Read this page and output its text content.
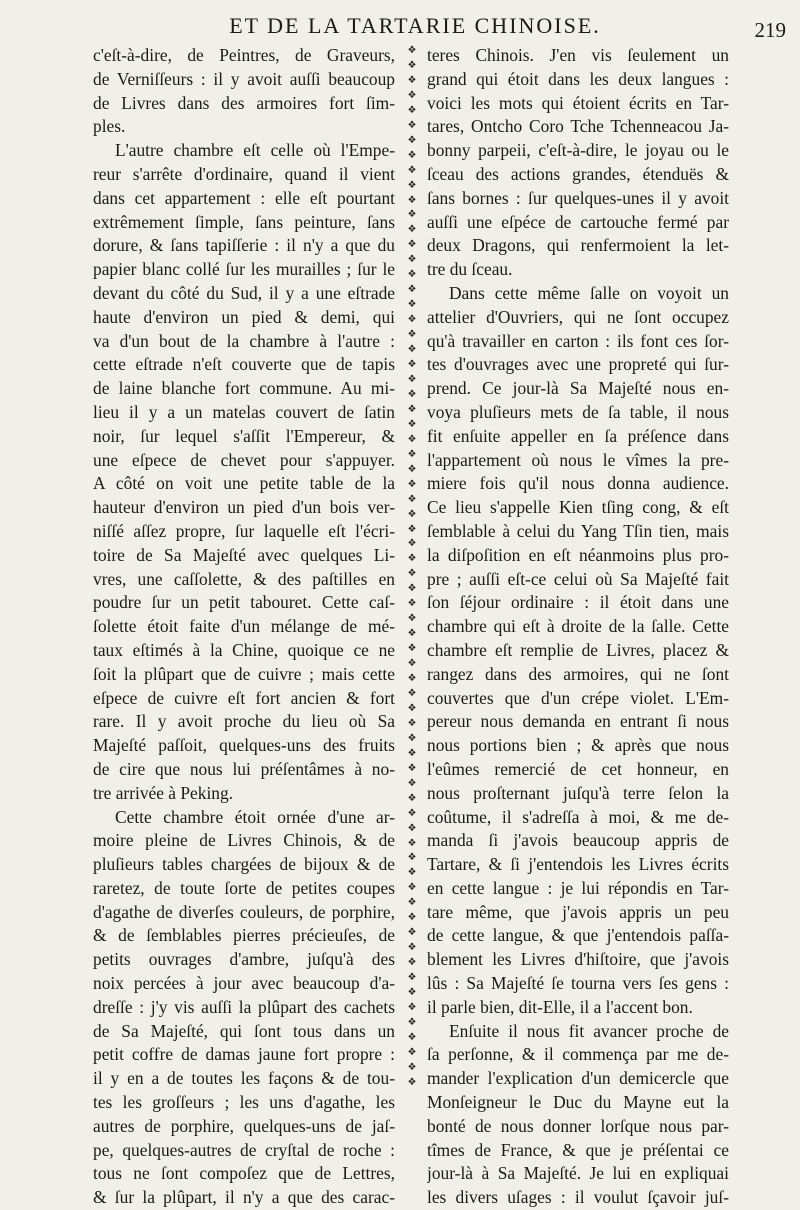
ET DE LA TARTARIE CHINOISE.	219
c'eſt-à-dire, de Peintres, de Graveurs,
de Verniſſeurs : il y avoit auſſi beaucoup
de Livres dans des armoires fort ſim-
ples.
L'autre chambre eſt celle où l'Empe-
reur s'arrête d'ordinaire, quand il vient
dans cet appartement : elle eſt pourtant
extrêmement ſimple, ſans peinture, ſans
dorure, & ſans tapiſſerie : il n'y a que du
papier blanc collé ſur les murailles ; ſur le
devant du côté du Sud, il y a une eſtrade
haute d'environ un pied & demi, qui
va d'un bout de la chambre à l'autre :
cette eſtrade n'eſt couverte que de tapis
de laine blanche fort commune. Au mi-
lieu il y a un matelas couvert de ſatin
noir, ſur lequel s'aſſit l'Empereur, &
une eſpece de chevet pour s'appuyer.
A côté on voit une petite table de la
hauteur d'environ un pied d'un bois ver-
niſſé aſſez propre, ſur laquelle eſt l'écri-
toire de Sa Majeſté avec quelques Li-
vres, une caſſolette, & des paſtilles en
poudre ſur un petit tabouret. Cette caſ-
ſolette étoit faite d'un mélange de mé-
taux eſtimés à la Chine, quoique ce ne
ſoit la plûpart que de cuivre ; mais cette
eſpece de cuivre eſt fort ancien & fort
rare. Il y avoit proche du lieu où Sa
Majeſté paſſoit, quelques-uns des fruits
de cire que nous lui préſentâmes à no-
tre arrivée à Peking.
Cette chambre étoit ornée d'une ar-
moire pleine de Livres Chinois, & de
pluſieurs tables chargées de bijoux & de
raretez, de toute ſorte de petites coupes
d'agathe de diverſes couleurs, de porphire,
& de ſemblables pierres précieuſes, de
petits ouvrages d'ambre, juſqu'à des
noix percées à jour avec beaucoup d'a-
dreſſe : j'y vis auſſi la plûpart des cachets
de Sa Majeſté, qui ſont tous dans un
petit coffre de damas jaune fort propre :
il y en a de toutes les façons & de tou-
tes les groſſeurs ; les uns d'agathe, les
autres de porphire, quelques-uns de jaſ-
pe, quelques-autres de cryſtal de roche :
tous ne ſont compoſez que de Lettres,
& ſur la plûpart, il n'y a que des carac-
❖
❖
❖
❖
❖
❖
❖
❖
❖
❖
❖
❖
❖
❖
❖
❖
❖
❖
❖
❖
❖
❖
❖
❖
❖
❖
❖
❖
❖
❖
❖
❖
❖
❖
❖
❖
❖
❖
❖
❖
❖
❖
❖
❖
❖
❖
❖
❖
❖
❖
❖
❖
❖
❖
❖
❖
❖
❖
❖
❖
❖
❖
❖
❖
❖
❖
❖
❖
❖
❖
teres Chinois. J'en vis ſeulement un
grand qui étoit dans les deux langues :
voici les mots qui étoient écrits en Tar-
tares, Ontcho Coro Tche Tchenneacou Ja-
bonny parpeii, c'eſt-à-dire, le joyau ou le
ſceau des actions grandes, étenduës &
ſans bornes : ſur quelques-unes il y avoit
auſſi une eſpéce de cartouche fermé par
deux Dragons, qui renfermoient la let-
tre du ſceau.
Dans cette même ſalle on voyoit un
attelier d'Ouvriers, qui ne ſont occupez
qu'à travailler en carton : ils font ces ſor-
tes d'ouvrages avec une propreté qui ſur-
prend. Ce jour-là Sa Majeſté nous en-
voya pluſieurs mets de ſa table, il nous
fit enſuite appeller en ſa préſence dans
l'appartement où nous le vîmes la pre-
miere fois qu'il nous donna audience.
Ce lieu s'appelle Kien tſing cong, & eſt
ſemblable à celui du Yang Tſin tien, mais
la diſpoſition en eſt néanmoins plus pro-
pre ; auſſi eſt-ce celui où Sa Majeſté fait
ſon ſéjour ordinaire : il étoit dans une
chambre qui eſt à droite de la ſalle. Cette
chambre eſt remplie de Livres, placez &
rangez dans des armoires, qui ne ſont
couvertes que d'un crépe violet. L'Em-
pereur nous demanda en entrant ſi nous
nous portions bien ; & après que nous
l'eûmes remercié de cet honneur, en
nous proſternant juſqu'à terre ſelon la
coûtume, il s'adreſſa à moi, & me de-
manda ſi j'avois beaucoup appris de
Tartare, & ſi j'entendois les Livres écrits
en cette langue : je lui répondis en Tar-
tare même, que j'avois appris un peu
de cette langue, & que j'entendois paſſa-
blement les Livres d'hiſtoire, que j'avois
lûs : Sa Majeſté ſe tourna vers ſes gens :
il parle bien, dit-Elle, il a l'accent bon.
Enſuite il nous fit avancer proche de
ſa perſonne, & il commença par me de-
mander l'explication d'un demicercle que
Monſeigneur le Duc du Mayne eut la
bonté de nous donner lorſque nous par-
tîmes de France, & que je préſentai ce
jour-là à Sa Majeſté. Je lui en expliquai
les divers uſages : il voulut ſçavoir juſ-
